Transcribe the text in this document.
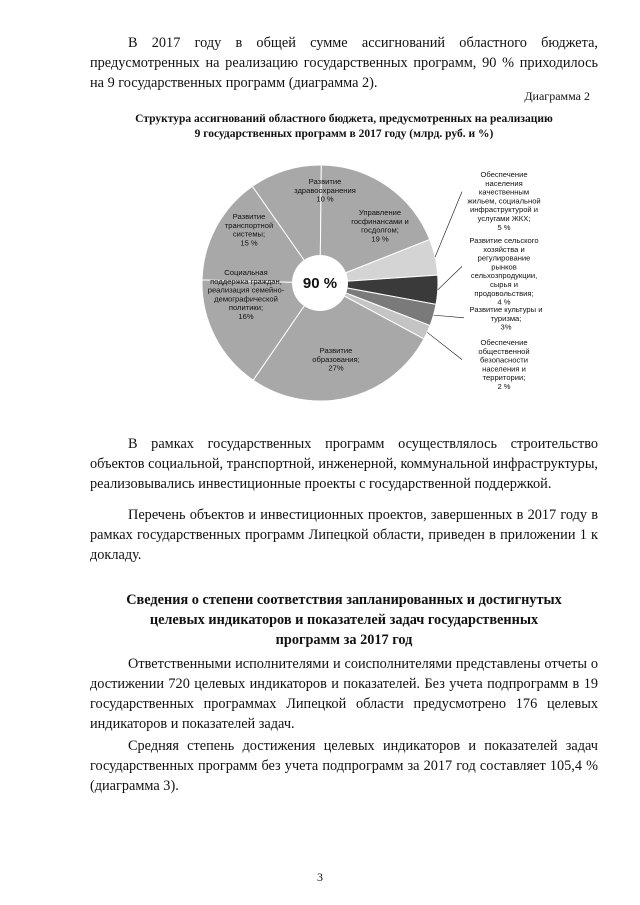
Развитие здравоохранения 10 %
Управление госфинансами и госдолгом; 19 %
Обеспечение населения качественным жильем, социальной инфраструктурой и услугами ЖКХ; 5 %
Развитие сельского хозяйства и регулирование рынков сельхозпродукции, сырья и продовольствия; 4 %
Развитие культуры и туризма; 3%
Обеспечение общественной безопасности населения и территории; 2 %
Развитие образования; 27%
Социальная поддержка граждан, реализация семейно-демографической политики; 16%
Развитие транспортной системы; 15 %
90 %

В 2017 году в общей сумме ассигнований областного бюджета, предусмотренных на реализацию государственных программ, 90 % приходилось на 9 государственных программ (диаграмма 2).

Диаграмма 2
Структура ассигнований областного бюджета, предусмотренных на реализацию
9 государственных программ в 2017 году (млрд. руб. и %)

В рамках государственных программ осуществлялось строительство объектов социальной, транспортной, инженерной, коммунальной инфраструктуры, реализовывались инвестиционные проекты с государственной поддержкой.

Перечень объектов и инвестиционных проектов, завершенных в 2017 году в рамках государственных программ Липецкой области, приведен в приложении 1 к докладу.

Сведения о степени соответствия запланированных и достигнутых
целевых индикаторов и показателей задач государственных
программ за 2017 год

Ответственными исполнителями и соисполнителями представлены отчеты о достижении 720 целевых индикаторов и показателей. Без учета подпрограмм в 19 государственных программах Липецкой области предусмотрено 176 целевых индикаторов и показателей задач.

Средняя степень достижения целевых индикаторов и показателей задач государственных программ без учета подпрограмм за 2017 год составляет 105,4 % (диаграмма 3).

3
